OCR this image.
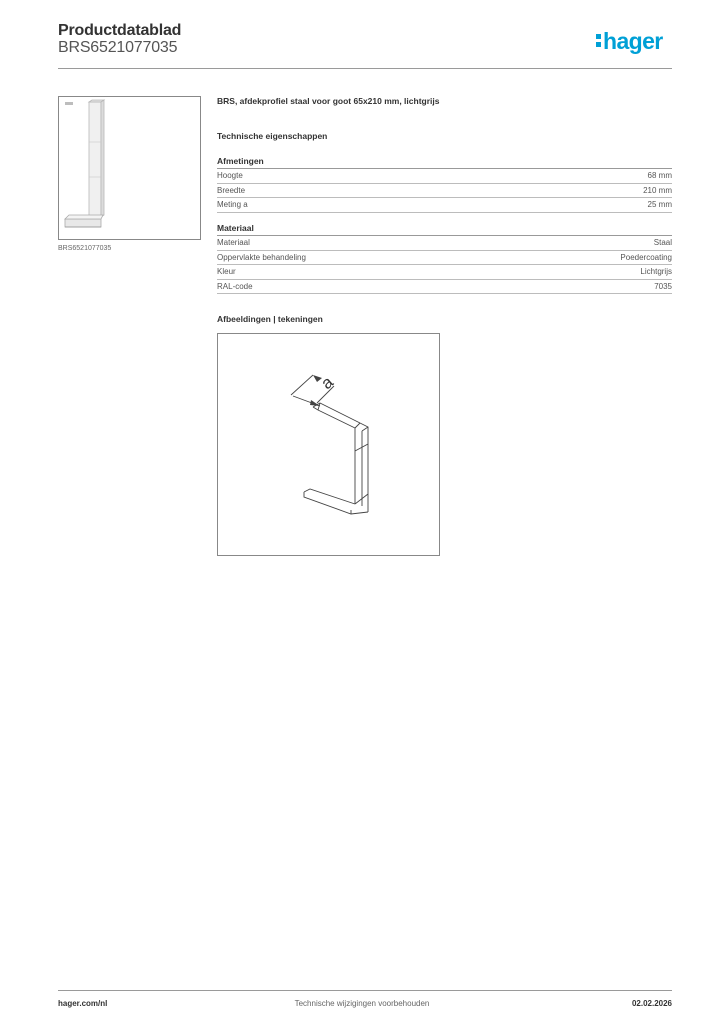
Productdatablad
BRS6521077035	hager
BRS6521077035
BRS, afdekprofiel staal voor goot 65x210 mm, lichtgrijs
Technische eigenschappen
Afmetingen
Hoogte	68 mm
Breedte	210 mm
Meting a	25 mm
Materiaal
Materiaal	Staal
Oppervlakte behandeling	Poedercoating
Kleur	Lichtgrijs
RAL-code	7035
Afbeeldingen | tekeningen
a
hager.com/nl	Technische wijzigingen voorbehouden	02.02.2026
